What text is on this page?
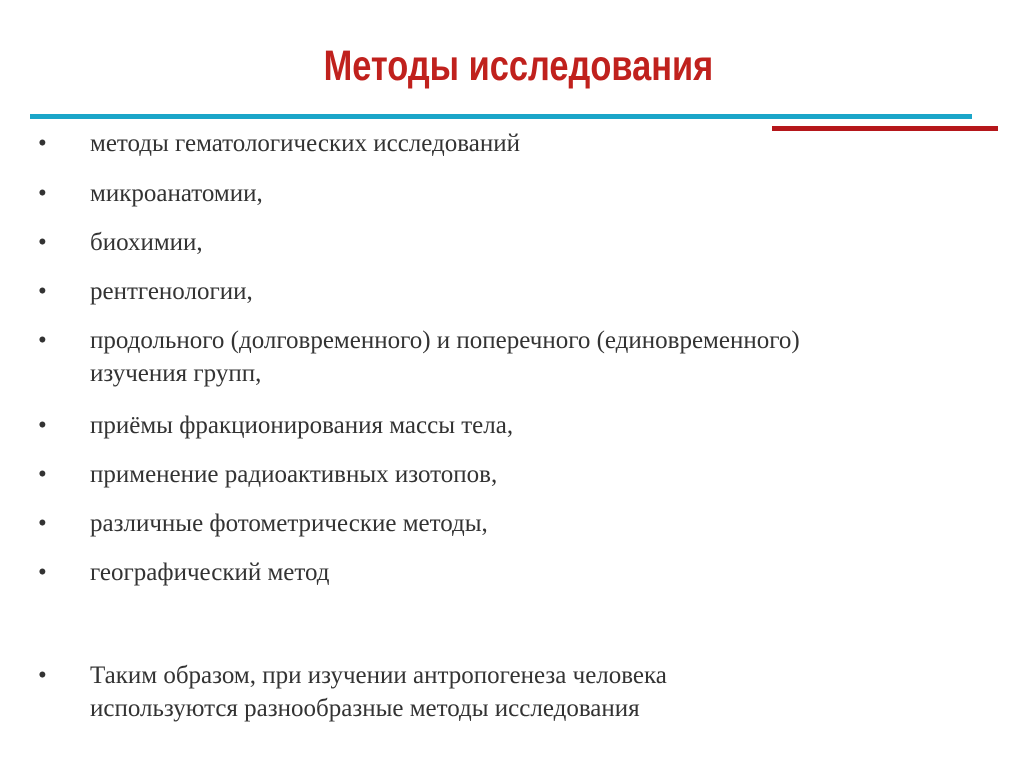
Методы исследования
•	методы гематологических исследований
•	микроанатомии,
•	биохимии,
•	рентгенологии,
•	продольного (долговременного) и поперечного (единовременного)
изучения групп,
•	приёмы фракционирования массы тела,
•	применение радиоактивных изотопов,
•	различные фотометрические методы,
•	географический метод
•	Таким образом, при изучении антропогенеза человека
используются разнообразные методы исследования
